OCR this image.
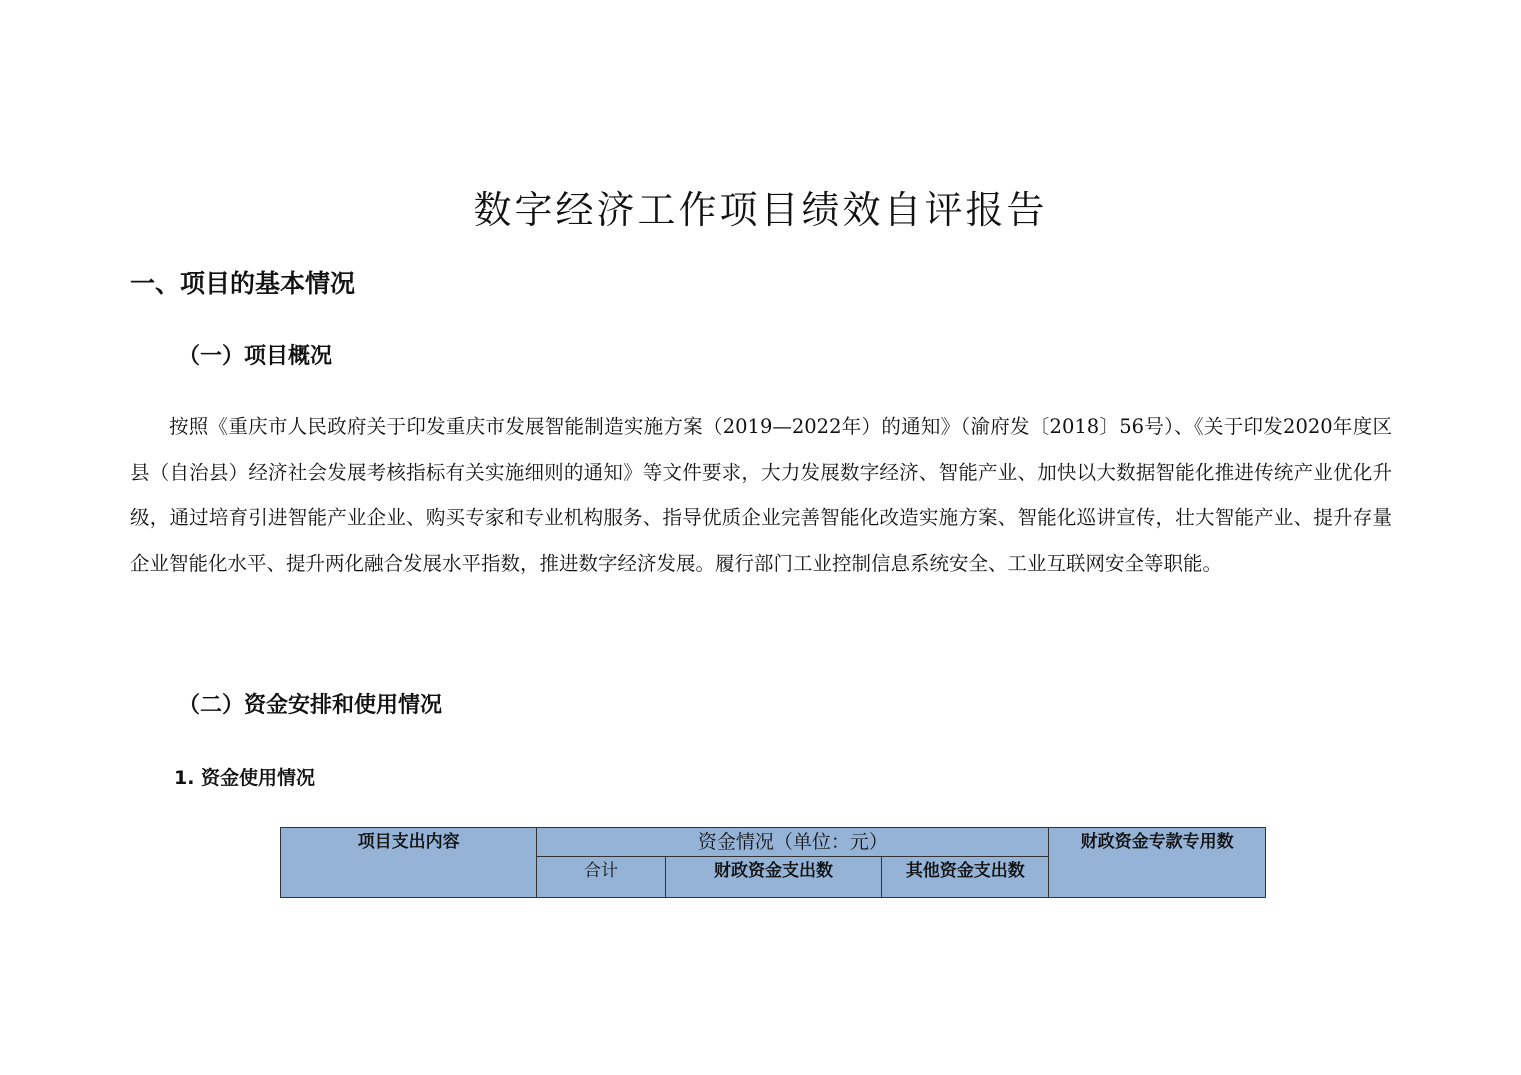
数字经济工作项目绩效自评报告
一、项目的基本情况
（一）项目概况

按照《重庆市人民政府关于印发重庆市发展智能制造实施方案（2019—2022年）的通知》（渝府发〔2018〕56号）、《关于印发2020年度区县（自治县）经济社会发展考核指标有关实施细则的通知》等文件要求，大力发展数字经济、智能产业、加快以大数据智能化推进传统产业优化升级，通过培育引进智能产业企业、购买专家和专业机构服务、指导优质企业完善智能化改造实施方案、智能化巡讲宣传，壮大智能产业、提升存量企业智能化水平、提升两化融合发展水平指数，推进数字经济发展。履行部门工业控制信息系统安全、工业互联网安全等职能。

（二）资金安排和使用情况
1. 资金使用情况
项目支出内容	资金情况（单位：元）			财政资金专款专用数
	合计	财政资金支出数	其他资金支出数	
